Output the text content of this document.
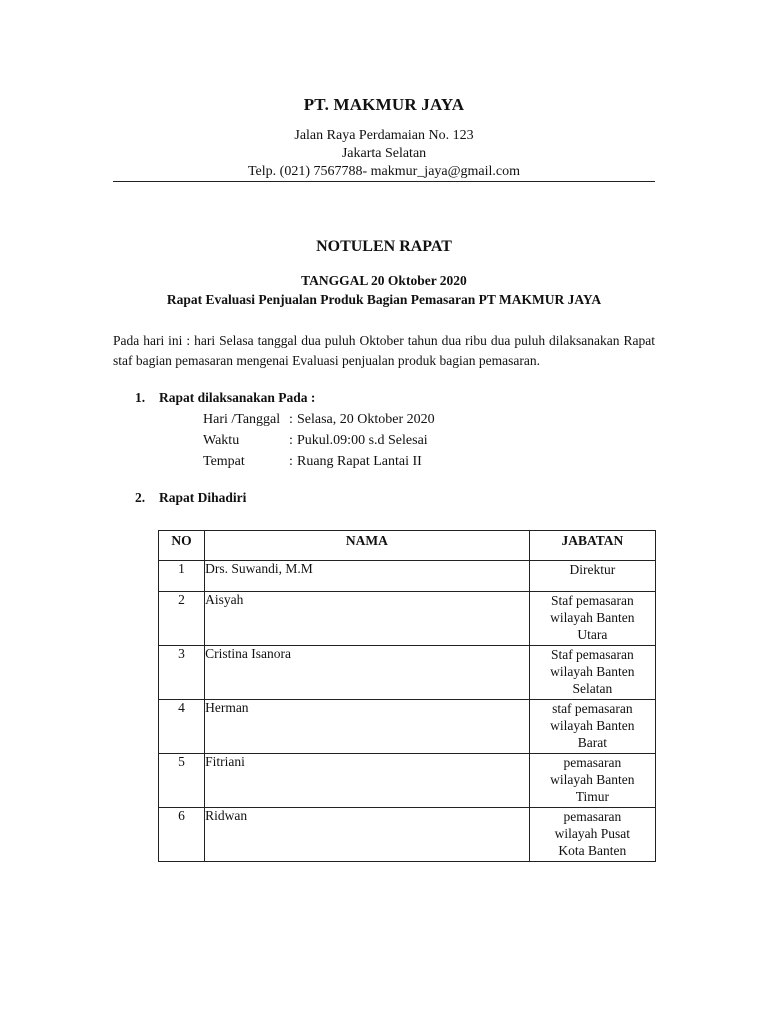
PT. MAKMUR JAYA
Jalan Raya Perdamaian No. 123
Jakarta Selatan
Telp. (021) 7567788- makmur_jaya@gmail.com
NOTULEN RAPAT
TANGGAL 20 Oktober 2020
Rapat Evaluasi Penjualan Produk Bagian Pemasaran PT MAKMUR JAYA
Pada hari ini : hari Selasa tanggal dua puluh Oktober tahun dua ribu dua puluh dilaksanakan Rapat staf bagian pemasaran mengenai Evaluasi penjualan produk bagian pemasaran.
1. Rapat dilaksanakan Pada :
Hari /Tanggal : Selasa, 20 Oktober 2020
Waktu	: Pukul.09:00 s.d Selesai
Tempat	: Ruang Rapat Lantai II
2. Rapat Dihadiri
NO	NAMA	JABATAN
1	Drs. Suwandi, M.M	Direktur

2	Aisyah	Staf pemasaran
wilayah Banten
Utara

3	Cristina Isanora	Staf pemasaran
wilayah Banten
Selatan

4	Herman	staf pemasaran
wilayah Banten
Barat

5	Fitriani	pemasaran
wilayah Banten
Timur

6	Ridwan	pemasaran
wilayah Pusat
Kota Banten
